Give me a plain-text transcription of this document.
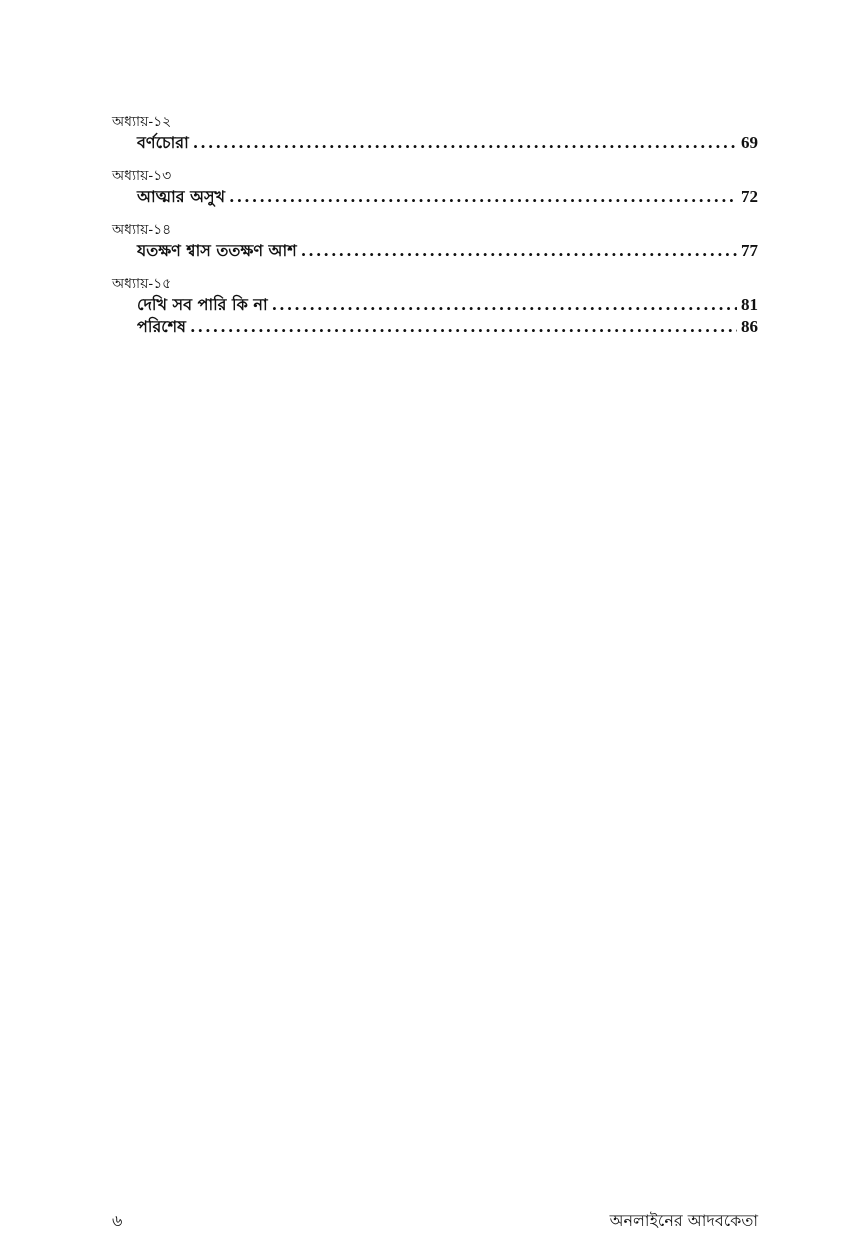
অধ্যায়-১২
বর্ণচোরা .....	69
অধ্যায়-১৩
আত্মার অসুখ .....	72
অধ্যায়-১৪
যতক্ষণ শ্বাস ততক্ষণ আশ .....	77
অধ্যায়-১৫
দেখি সব পারি কি না .....	81
পরিশেষ .....	86
৬	অনলাইনের আদবকেতা
